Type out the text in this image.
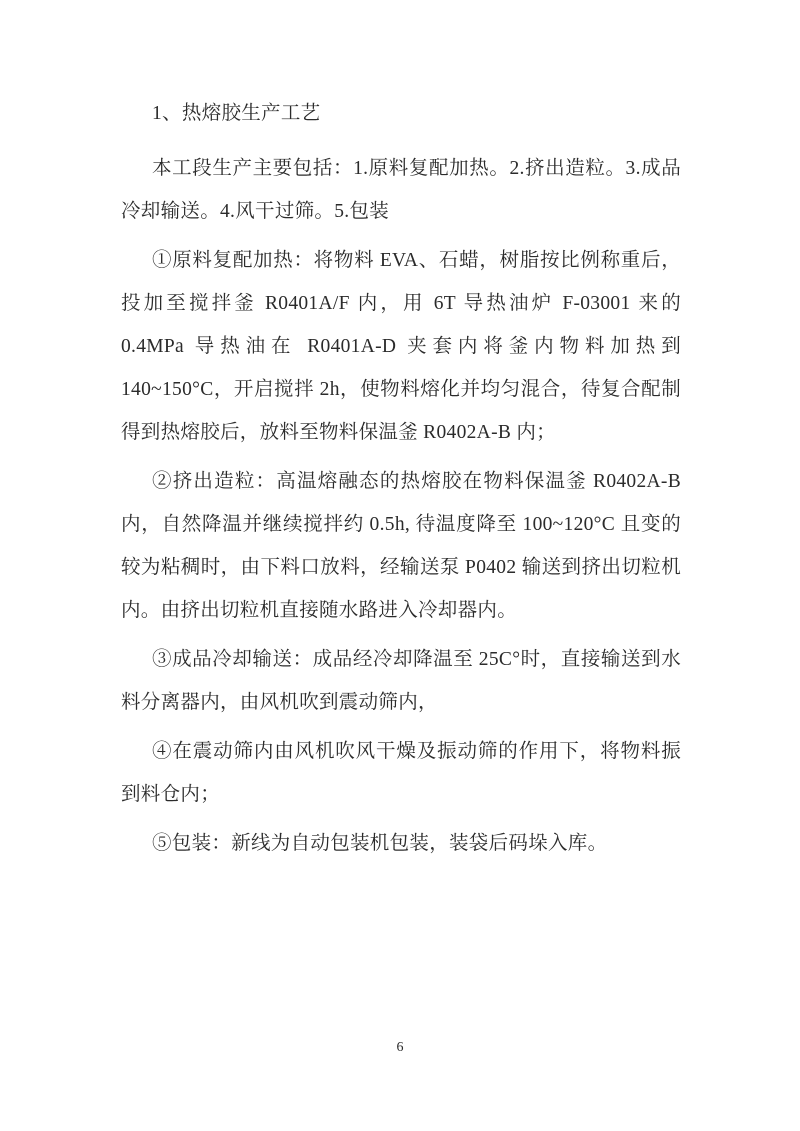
1、热熔胶生产工艺

本工段生产主要包括：1.原料复配加热。2.挤出造粒。3.成品冷却输送。4.风干过筛。5.包装

①原料复配加热：将物料 EVA、石蜡，树脂按比例称重后，投加至搅拌釜 R0401A/F 内，用 6T 导热油炉 F-03001 来的 0.4MPa 导热油在 R0401A-D 夹套内将釜内物料加热到 140~150°C，开启搅拌 2h，使物料熔化并均匀混合，待复合配制得到热熔胶后，放料至物料保温釜 R0402A-B 内；

②挤出造粒：高温熔融态的热熔胶在物料保温釜 R0402A-B 内，自然降温并继续搅拌约 0.5h, 待温度降至 100~120°C 且变的较为粘稠时，由下料口放料，经输送泵 P0402 输送到挤出切粒机内。由挤出切粒机直接随水路进入冷却器内。

③成品冷却输送：成品经冷却降温至 25C°时，直接输送到水料分离器内，由风机吹到震动筛内，

④在震动筛内由风机吹风干燥及振动筛的作用下，将物料振到料仓内；

⑤包装：新线为自动包装机包装，装袋后码垛入库。

6
